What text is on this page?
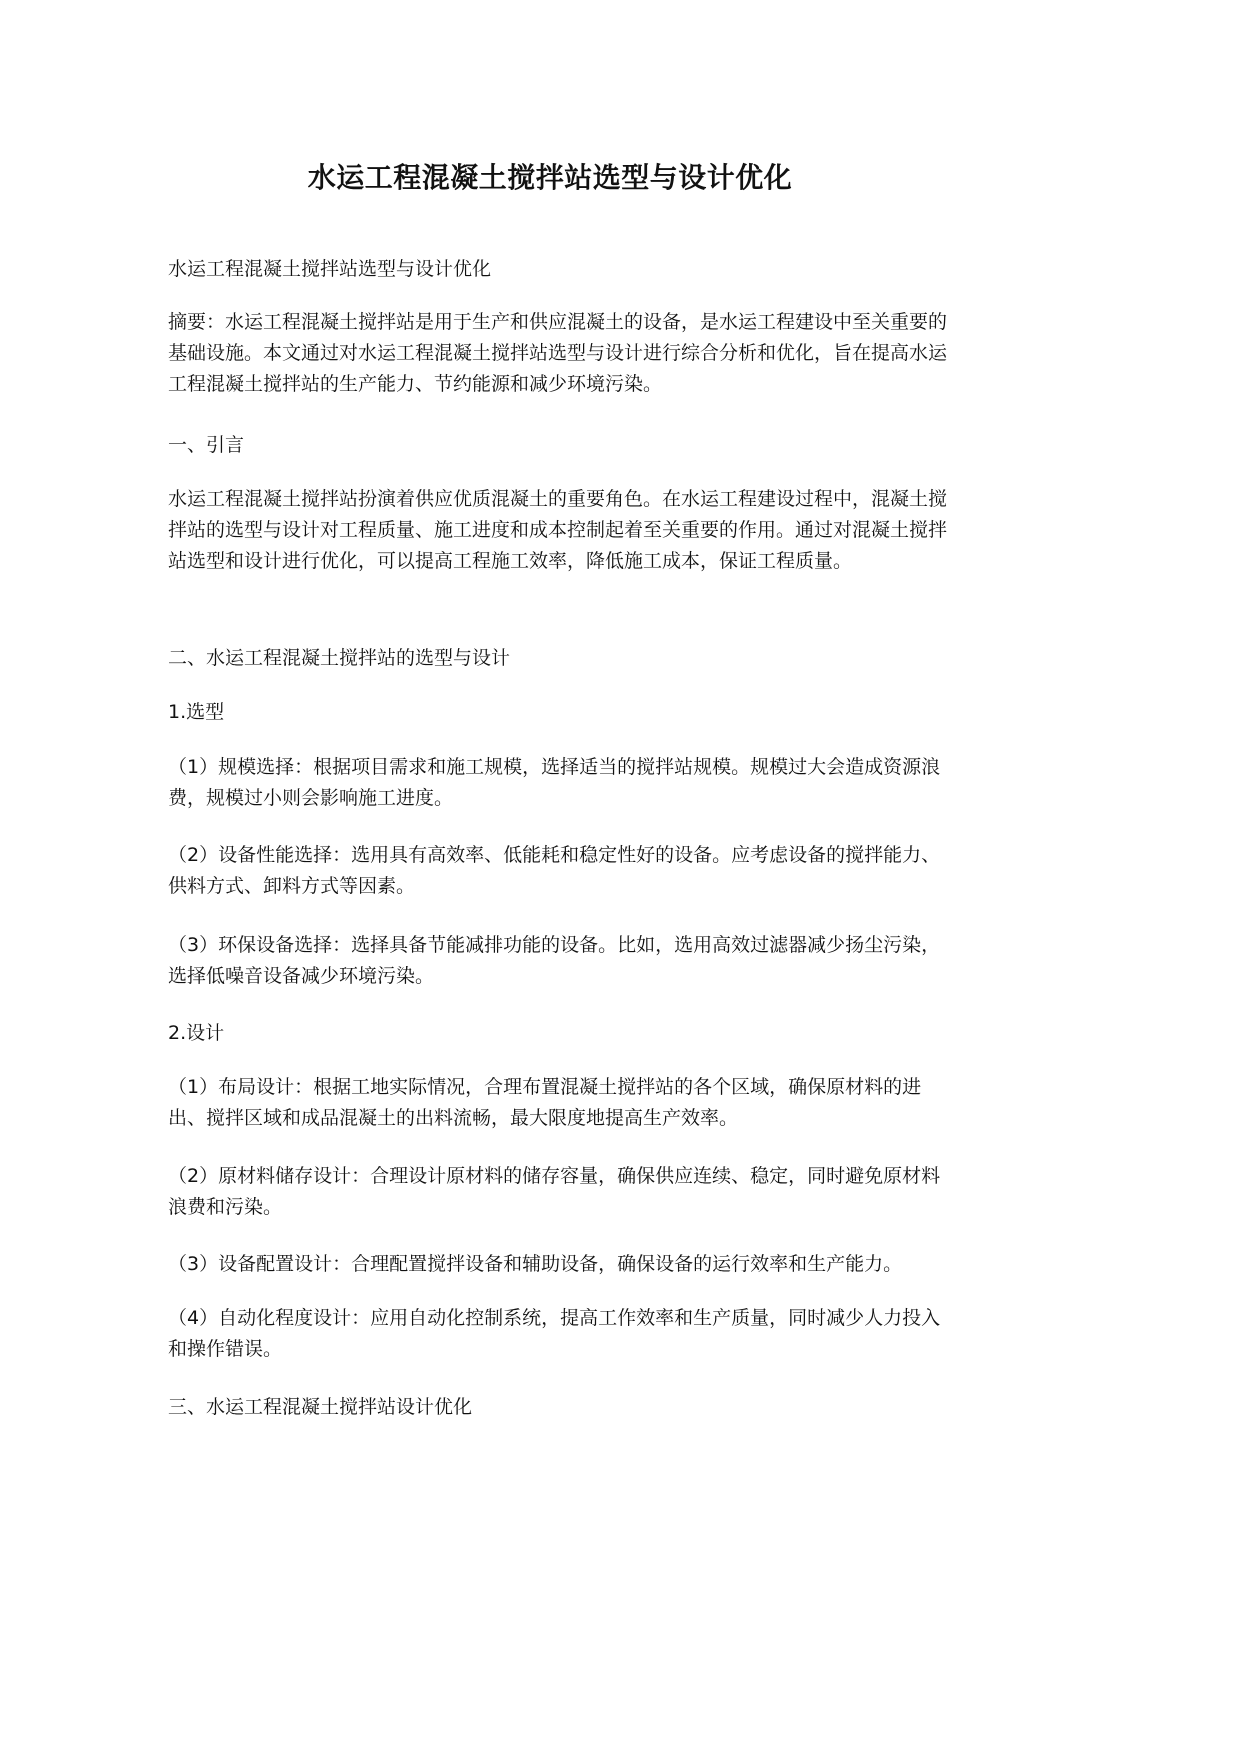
水运工程混凝土搅拌站选型与设计优化

水运工程混凝土搅拌站选型与设计优化

摘要：水运工程混凝土搅拌站是用于生产和供应混凝土的设备，是水运工程建设中至关重要的基础设施。本文通过对水运工程混凝土搅拌站选型与设计进行综合分析和优化，旨在提高水运工程混凝土搅拌站的生产能力、节约能源和减少环境污染。

一、引言

水运工程混凝土搅拌站扮演着供应优质混凝土的重要角色。在水运工程建设过程中，混凝土搅拌站的选型与设计对工程质量、施工进度和成本控制起着至关重要的作用。通过对混凝土搅拌站选型和设计进行优化，可以提高工程施工效率，降低施工成本，保证工程质量。

二、水运工程混凝土搅拌站的选型与设计

1.选型

（1）规模选择：根据项目需求和施工规模，选择适当的搅拌站规模。规模过大会造成资源浪费，规模过小则会影响施工进度。

（2）设备性能选择：选用具有高效率、低能耗和稳定性好的设备。应考虑设备的搅拌能力、供料方式、卸料方式等因素。

（3）环保设备选择：选择具备节能减排功能的设备。比如，选用高效过滤器减少扬尘污染，选择低噪音设备减少环境污染。

2.设计

（1）布局设计：根据工地实际情况，合理布置混凝土搅拌站的各个区域，确保原材料的进出、搅拌区域和成品混凝土的出料流畅，最大限度地提高生产效率。

（2）原材料储存设计：合理设计原材料的储存容量，确保供应连续、稳定，同时避免原材料浪费和污染。

（3）设备配置设计：合理配置搅拌设备和辅助设备，确保设备的运行效率和生产能力。

（4）自动化程度设计：应用自动化控制系统，提高工作效率和生产质量，同时减少人力投入和操作错误。

三、水运工程混凝土搅拌站设计优化
